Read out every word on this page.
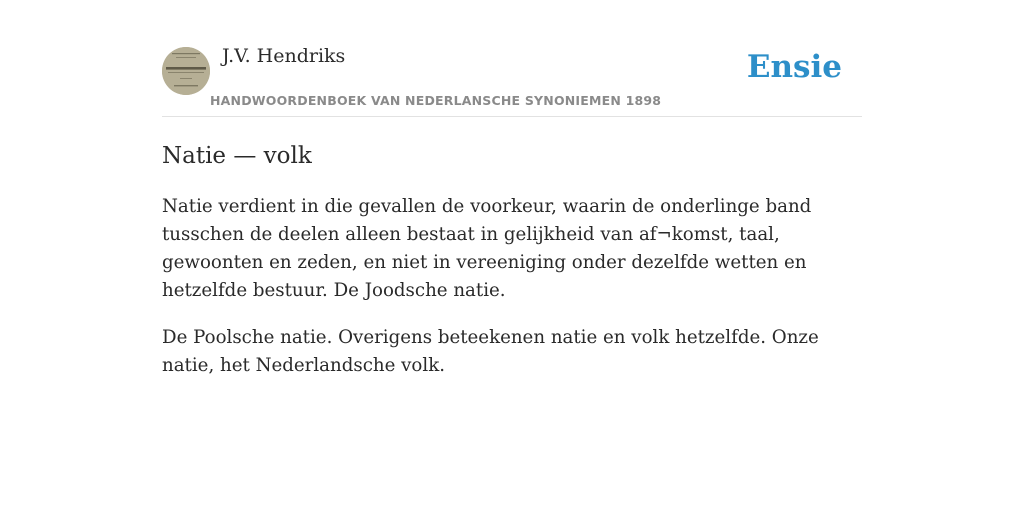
J.V. Hendriks
HANDWOORDENBOEK VAN NEDERLANSCHE SYNONIEMEN 1898
Ensie
Natie — volk

Natie verdient in die gevallen de voorkeur, waarin de onderlinge band tusschen de deelen alleen bestaat in gelijkheid van af¬komst, taal, gewoonten en zeden, en niet in vereeniging onder dezelfde wetten en hetzelfde bestuur. De Joodsche natie.

De Poolsche natie. Overigens beteekenen natie en volk hetzelfde. Onze natie, het Nederlandsche volk.
